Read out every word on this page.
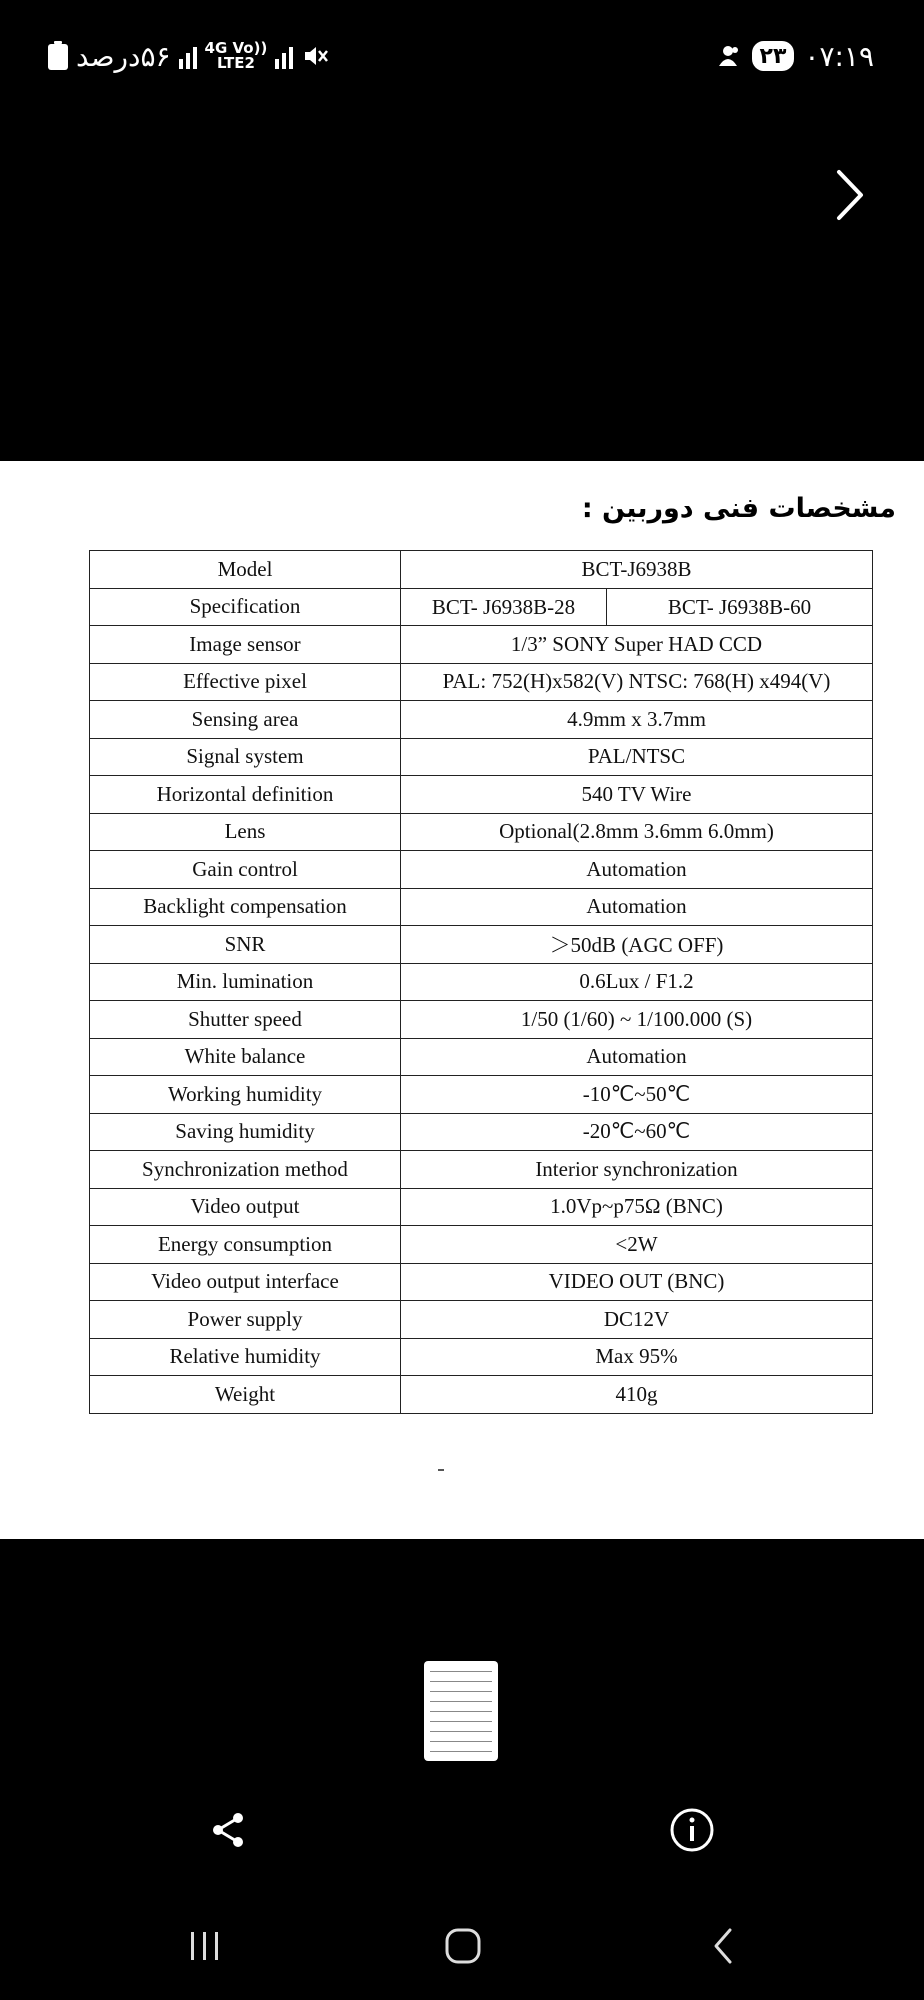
۵۶درصد 4G Vo))
LTE2	۲۳ ۰۷:۱۹
مشخصات فنی دوربین :
Model	BCT-J6938B
Specification	BCT- J6938B-28 BCT- J6938B-60

Image sensor	1/3” SONY Super HAD CCD
Effective pixel	PAL: 752(H)x582(V) NTSC: 768(H) x494(V)
Sensing area	4.9mm x 3.7mm
Signal system	PAL/NTSC
Horizontal definition	540 TV Wire
Lens	Optional(2.8mm 3.6mm 6.0mm)
Gain control	Automation
Backlight compensation	Automation
SNR	＞50dB (AGC OFF)
Min. lumination	0.6Lux / F1.2
Shutter speed	1/50 (1/60) ~ 1/100.000 (S)
White balance	Automation
Working humidity	-10℃~50℃
Saving humidity	-20℃~60℃
Synchronization method	Interior synchronization
Video output	1.0Vp~p75Ω (BNC)
Energy consumption	<2W
Video output interface	VIDEO OUT (BNC)
Power supply	DC12V
Relative humidity	Max 95%
Weight	410g
